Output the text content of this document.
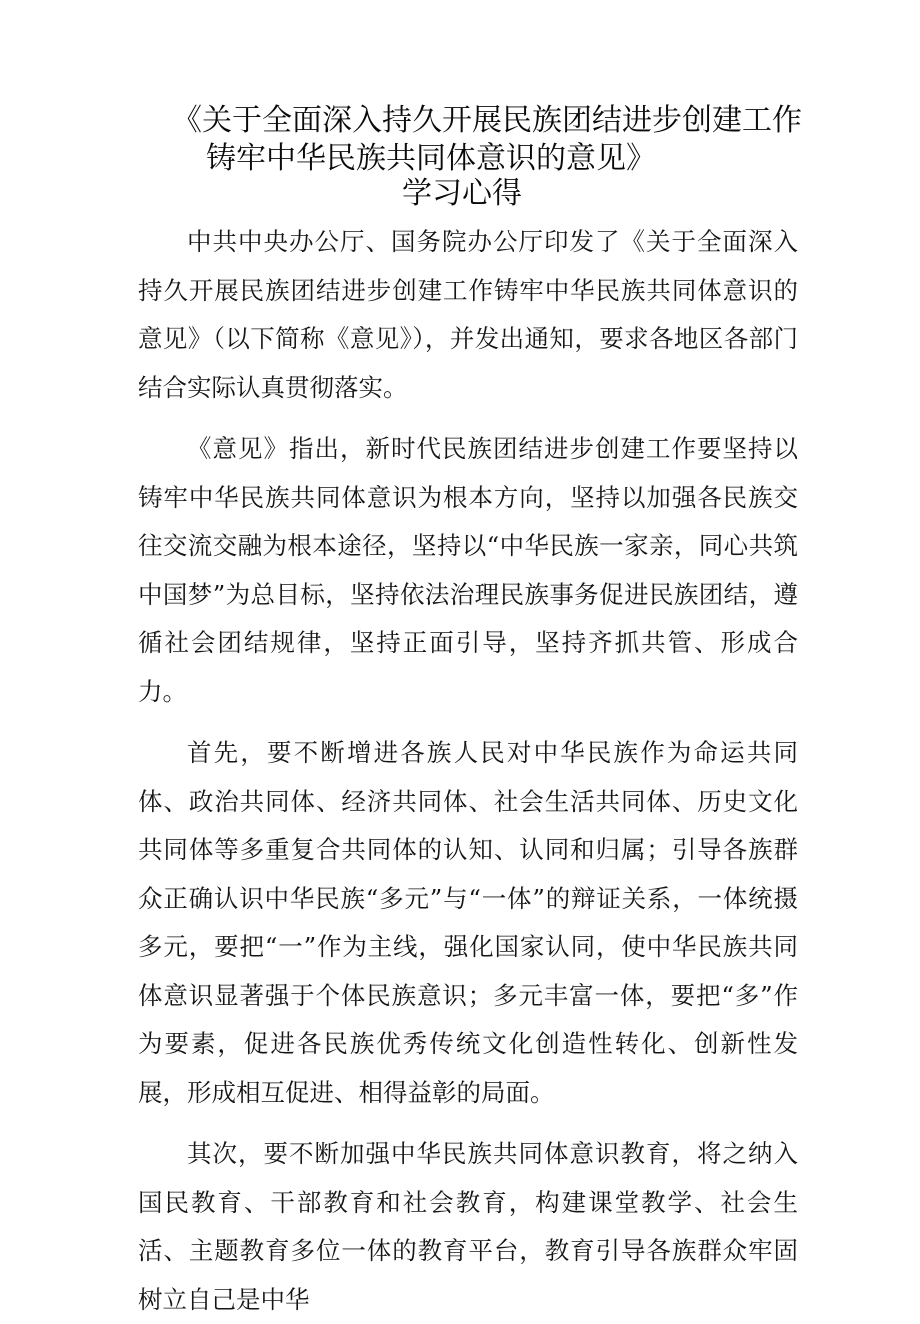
《关于全面深入持久开展民族团结进步创建工作
铸牢中华民族共同体意识的意见》
学习心得

中共中央办公厅、国务院办公厅印发了《关于全面深入持久开展民族团结进步创建工作铸牢中华民族共同体意识的意见》（以下简称《意见》），并发出通知，要求各地区各部门结合实际认真贯彻落实。

《意见》指出，新时代民族团结进步创建工作要坚持以铸牢中华民族共同体意识为根本方向，坚持以加强各民族交往交流交融为根本途径，坚持以“中华民族一家亲，同心共筑中国梦”为总目标，坚持依法治理民族事务促进民族团结，遵循社会团结规律，坚持正面引导，坚持齐抓共管、形成合力。

首先，要不断增进各族人民对中华民族作为命运共同体、政治共同体、经济共同体、社会生活共同体、历史文化共同体等多重复合共同体的认知、认同和归属；引导各族群众正确认识中华民族“多元”与“一体”的辩证关系，一体统摄多元，要把“一”作为主线，强化国家认同，使中华民族共同体意识显著强于个体民族意识；多元丰富一体，要把“多”作为要素，促进各民族优秀传统文化创造性转化、创新性发展，形成相互促进、相得益彰的局面。

其次，要不断加强中华民族共同体意识教育，将之纳入国民教育、干部教育和社会教育，构建课堂教学、社会生活、主题教育多位一体的教育平台，教育引导各族群众牢固树立自己是中华
